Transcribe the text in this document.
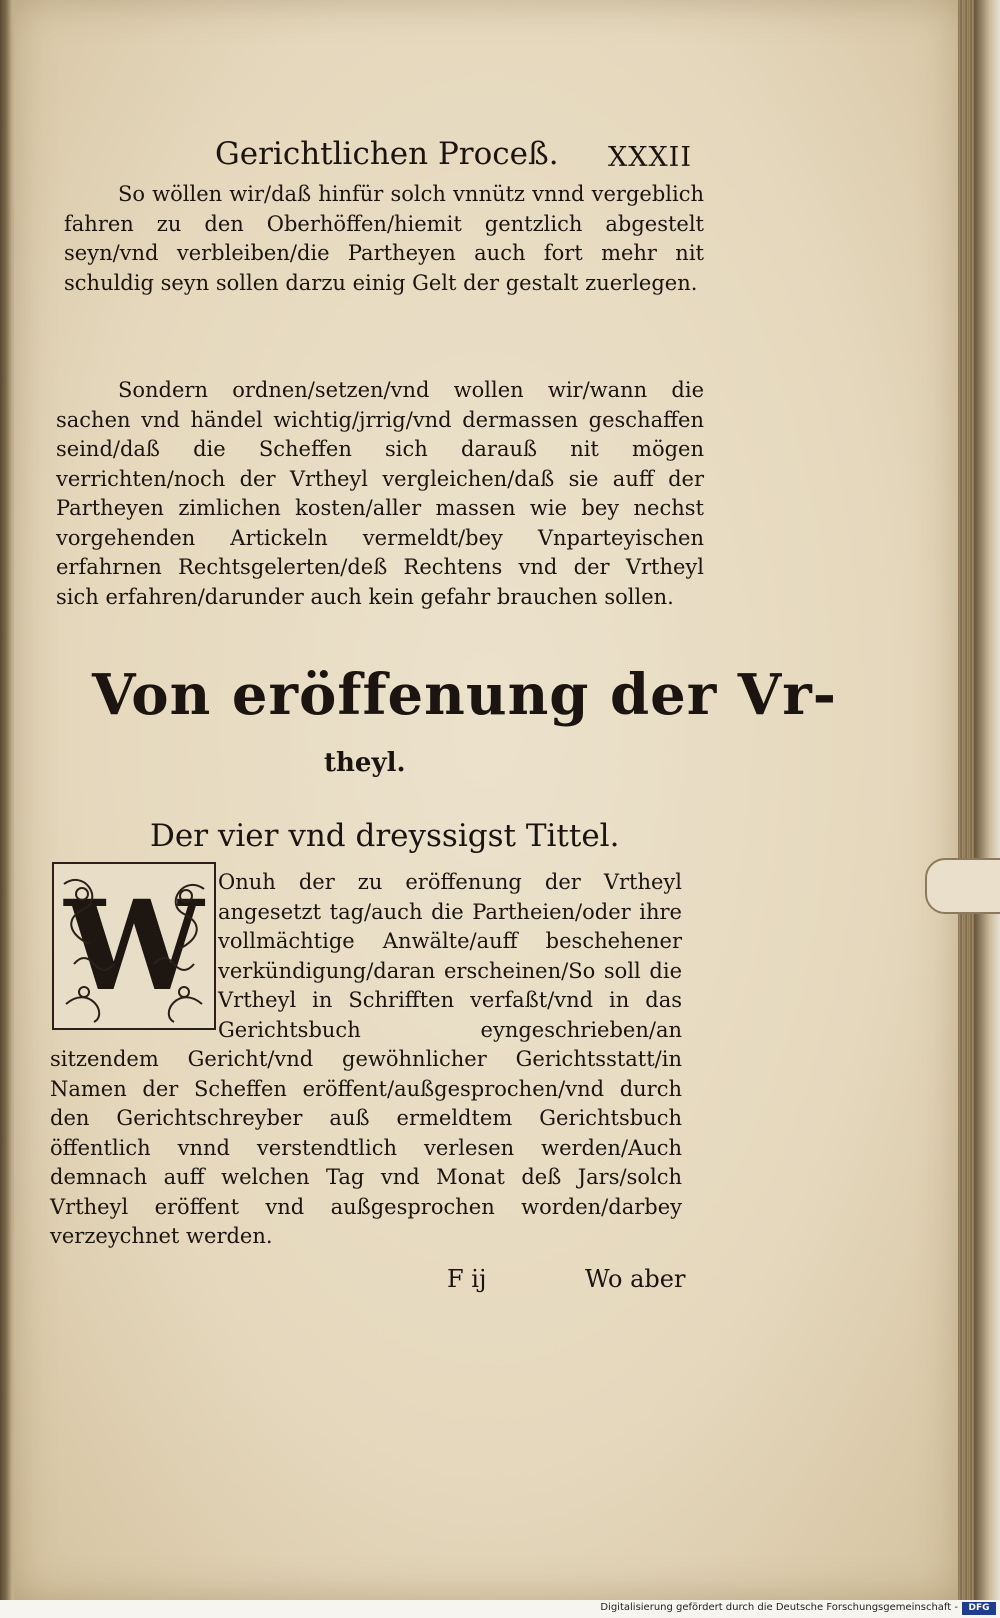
Gerichtlichen Proceß. XXXII
So wöllen wir/daß hinfür solch vnnütz vnnd vergeblich fahren zu den Oberhöffen/hiemit gentzlich abgestelt seyn/vnd verbleiben/die Partheyen auch fort mehr nit schuldig seyn sollen darzu einig Gelt der gestalt zuerlegen.
Sondern ordnen/setzen/vnd wollen wir/wann die sachen vnd händel wichtig/jrrig/vnd dermassen geschaffen seind/daß die Scheffen sich darauß nit mögen verrichten/noch der Vrtheyl vergleichen/daß sie auff der Partheyen zimlichen kosten/aller massen wie bey nechst vorgehenden Artickeln vermeldt/bey Vnparteyischen erfahrnen Rechtsgelerten/deß Rechtens vnd der Vrtheyl sich erfahren/darunder auch kein gefahr brauchen sollen.
Von eröffenung der Vr-
theyl.
Der vier vnd dreyssigst Tittel.
Onuh der zu eröffenung der Vrtheyl angesetzt tag/auch die Partheien/oder ihre vollmächtige Anwälte/auff beschehener verkündigung/daran erscheinen/So soll die Vrtheyl in Schrifften verfaßt/vnd in das Gerichtsbuch eyngeschrieben/an sitzendem Gericht/vnd gewöhnlicher Gerichtsstatt/in Namen der Scheffen eröffent/außgesprochen/vnd durch den Gerichtschreyber auß ermeldtem Gerichtsbuch öffentlich vnnd verstendtlich verlesen werden/Auch demnach auff welchen Tag vnd Monat deß Jars/solch Vrtheyl eröffent vnd außgesprochen worden/darbey verzeychnet werden.
W
F ij	Wo aber
Digitalisierung gefördert durch die Deutsche Forschungsgemeinschaft -	DFG
